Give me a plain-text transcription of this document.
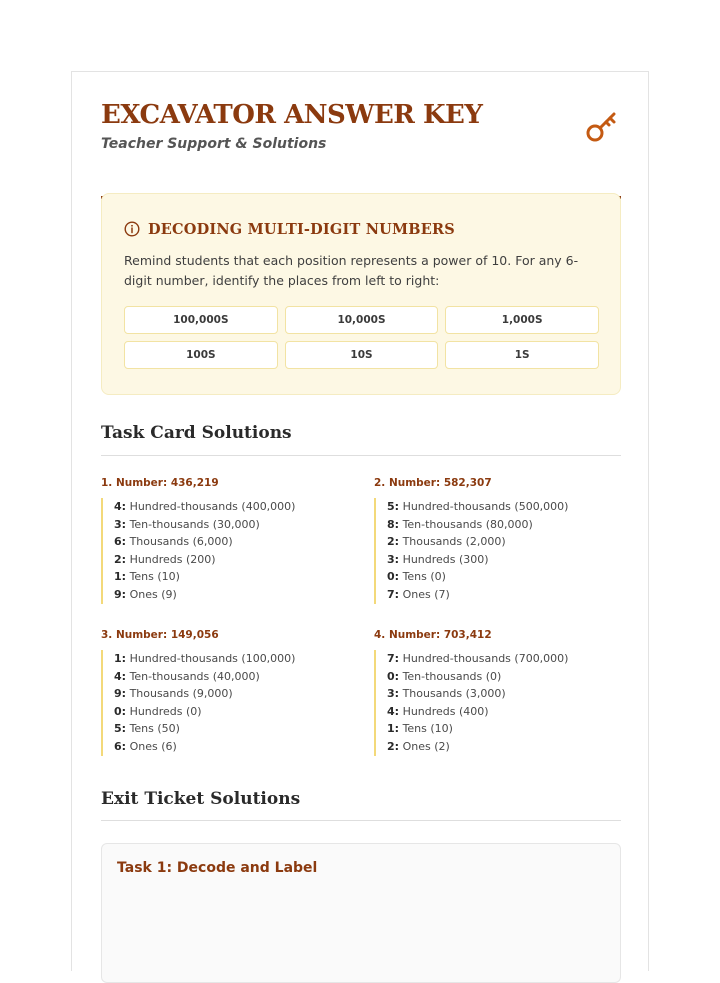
EXCAVATOR ANSWER KEY
Teacher Support & Solutions
DECODING MULTI-DIGIT NUMBERS
Remind students that each position represents a power of 10. For any 6-digit number, identify the places from left to right:
100,000S	10,000S	1,000S
100S	10S	1S
Task Card Solutions
1. Number: 436,219
4: Hundred-thousands (400,000)
3: Ten-thousands (30,000)
6: Thousands (6,000)
2: Hundreds (200)
1: Tens (10)
9: Ones (9)
2. Number: 582,307
5: Hundred-thousands (500,000)
8: Ten-thousands (80,000)
2: Thousands (2,000)
3: Hundreds (300)
0: Tens (0)
7: Ones (7)
3. Number: 149,056
1: Hundred-thousands (100,000)
4: Ten-thousands (40,000)
9: Thousands (9,000)
0: Hundreds (0)
5: Tens (50)
6: Ones (6)
4. Number: 703,412
7: Hundred-thousands (700,000)
0: Ten-thousands (0)
3: Thousands (3,000)
4: Hundreds (400)
1: Tens (10)
2: Ones (2)
Exit Ticket Solutions
Task 1: Decode and Label
